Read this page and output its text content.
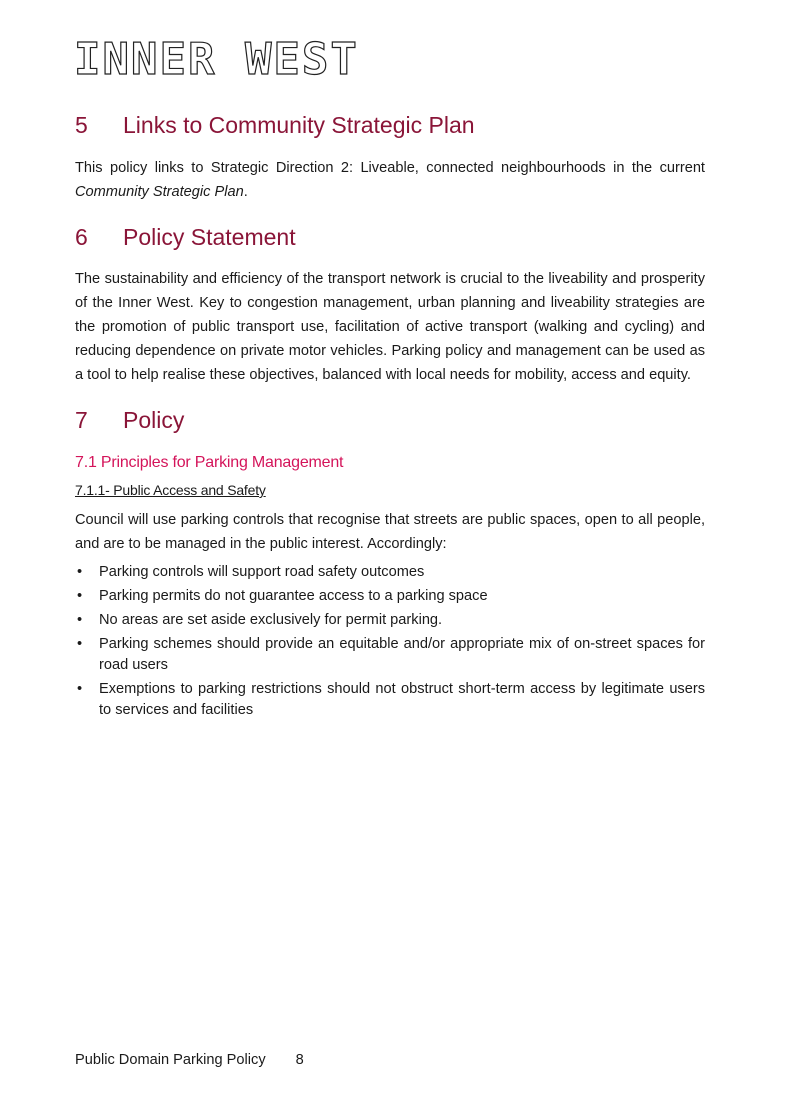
INNER WEST
5	Links to Community Strategic Plan

This policy links to Strategic Direction 2: Liveable, connected neighbourhoods in the current Community Strategic Plan.

6	Policy Statement

The sustainability and efficiency of the transport network is crucial to the liveability and prosperity of the Inner West. Key to congestion management, urban planning and liveability strategies are the promotion of public transport use, facilitation of active transport (walking and cycling) and reducing dependence on private motor vehicles. Parking policy and management can be used as a tool to help realise these objectives, balanced with local needs for mobility, access and equity.

7	Policy
7.1 Principles for Parking Management
7.1.1- Public Access and Safety

Council will use parking controls that recognise that streets are public spaces, open to all people, and are to be managed in the public interest. Accordingly:

• Parking controls will support road safety outcomes
• Parking permits do not guarantee access to a parking space
• No areas are set aside exclusively for permit parking.
• Parking schemes should provide an equitable and/or appropriate mix of on-street spaces for road users
• Exemptions to parking restrictions should not obstruct short-term access by legitimate users to services and facilities
Public Domain Parking Policy 8
